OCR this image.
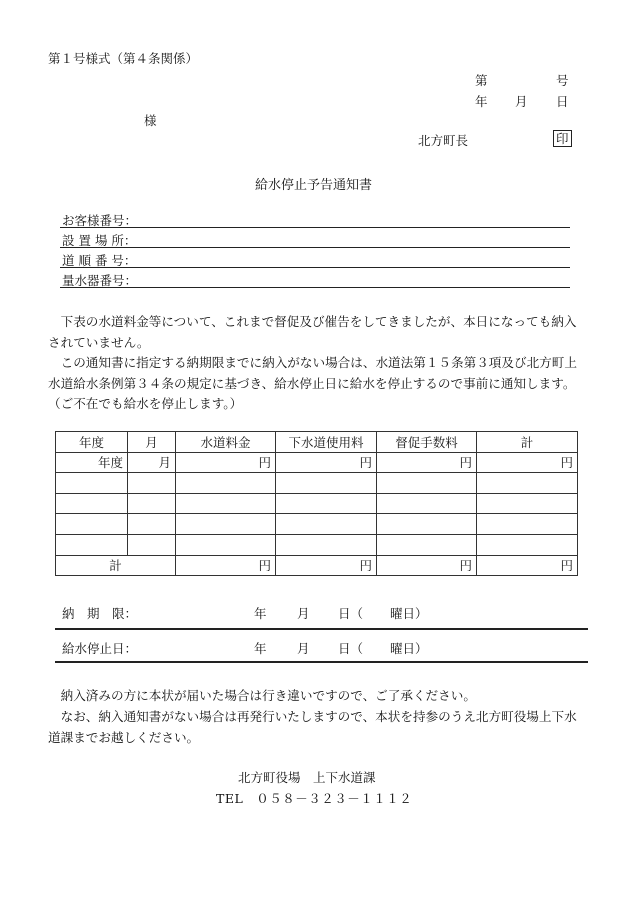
第１号様式（第４条関係）
第	号
年 月 日
様
北方町長	印
給水停止予告通知書
お客様番号：
設 置 場 所：
道 順 番 号：
量水器番号：
　下表の水道料金等について、これまで督促及び催告をしてきましたが、本日になっても納入されていません。
　この通知書に指定する納期限までに納入がない場合は、水道法第１５条第３項及び北方町上水道給水条例第３４条の規定に基づき、給水停止日に給水を停止するので事前に通知します。（ご不在でも給水を停止します。）
年度	月	水道料金	下水道使用料	督促手数料	計
年度	月	円	円	円	円

計		円	円	円	円
納　期　限：	年 月 日（ 曜日）
給水停止日：	年 月 日（ 曜日）
　納入済みの方に本状が届いた場合は行き違いですので、ご了承ください。
　なお、納入通知書がない場合は再発行いたしますので、本状を持参のうえ北方町役場上下水道課までお越しください。
北方町役場　上下水道課
TEL　０５８－３２３－１１１２
